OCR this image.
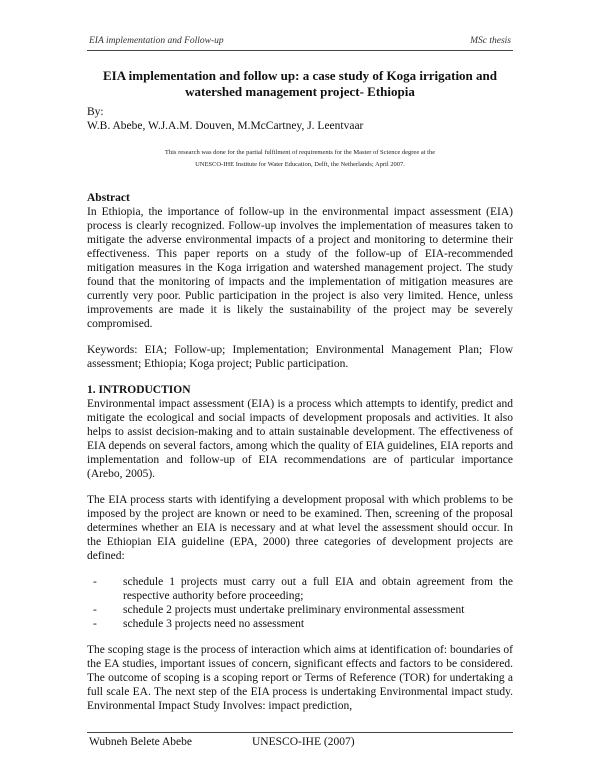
EIA implementation and Follow-up	MSc thesis
EIA implementation and follow up: a case study of Koga irrigation and watershed management project- Ethiopia
By:
W.B. Abebe, W.J.A.M. Douven, M.McCartney, J. Leentvaar
This research was done for the partial fulfilment of requirements for the Master of Science degree at the
UNESCO-IHE Institute for Water Education, Delft, the Netherlands; April 2007.
Abstract

In Ethiopia, the importance of follow-up in the environmental impact assessment (EIA) process is clearly recognized. Follow-up involves the implementation of measures taken to mitigate the adverse environmental impacts of a project and monitoring to determine their effectiveness. This paper reports on a study of the follow-up of EIA-recommended mitigation measures in the Koga irrigation and watershed management project. The study found that the monitoring of impacts and the implementation of mitigation measures are currently very poor. Public participation in the project is also very limited. Hence, unless improvements are made it is likely the sustainability of the project may be severely compromised.

Keywords: EIA; Follow-up; Implementation; Environmental Management Plan; Flow assessment; Ethiopia; Koga project; Public participation.

1. INTRODUCTION

Environmental impact assessment (EIA) is a process which attempts to identify, predict and mitigate the ecological and social impacts of development proposals and activities. It also helps to assist decision-making and to attain sustainable development. The effectiveness of EIA depends on several factors, among which the quality of EIA guidelines, EIA reports and implementation and follow-up of EIA recommendations are of particular importance (Arebo, 2005).

The EIA process starts with identifying a development proposal with which problems to be imposed by the project are known or need to be examined. Then, screening of the proposal determines whether an EIA is necessary and at what level the assessment should occur. In the Ethiopian EIA guideline (EPA, 2000) three categories of development projects are defined:

- schedule 1 projects must carry out a full EIA and obtain agreement from the respective authority before proceeding;
- schedule 2 projects must undertake preliminary environmental assessment
- schedule 3 projects need no assessment

The scoping stage is the process of interaction which aims at identification of: boundaries of the EA studies, important issues of concern, significant effects and factors to be considered. The outcome of scoping is a scoping report or Terms of Reference (TOR) for undertaking a full scale EA. The next step of the EIA process is undertaking Environmental impact study. Environmental Impact Study Involves: impact prediction,

Wubneh Belete Abebe	UNESCO-IHE (2007)
